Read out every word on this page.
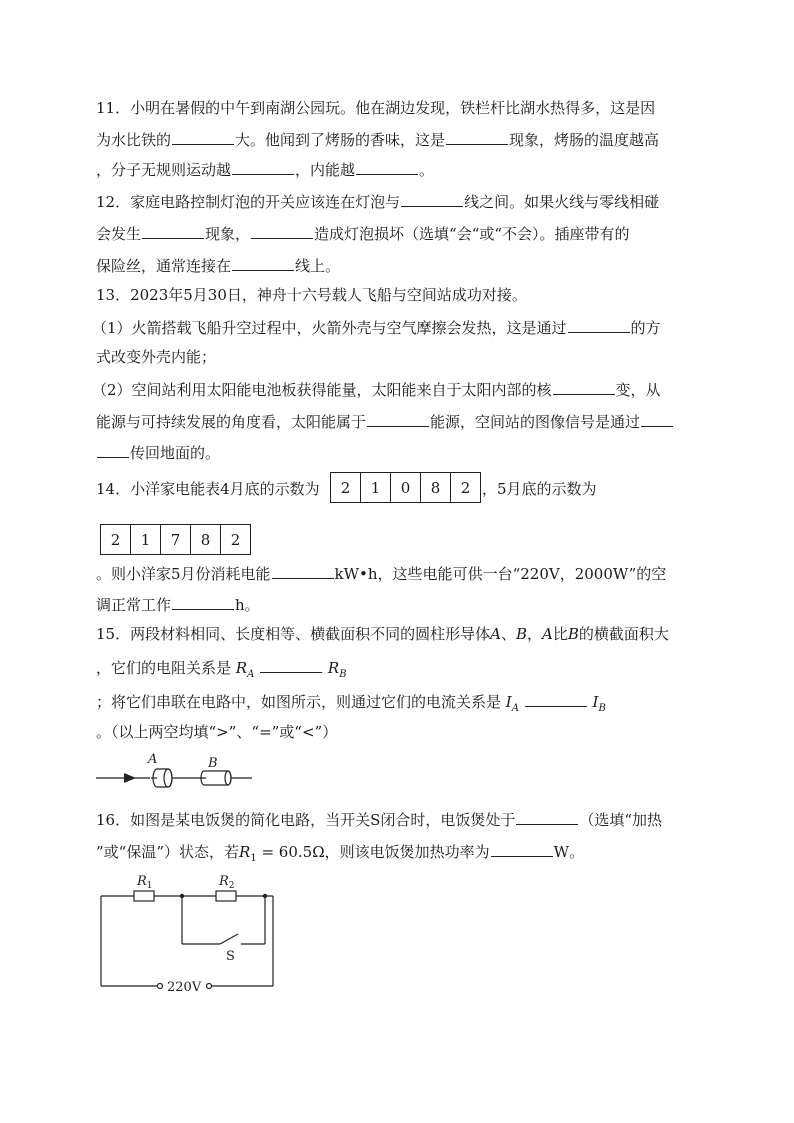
11．小明在暑假的中午到南湖公园玩。他在湖边发现，铁栏杆比湖水热得多，这是因
为水比铁的	大。他闻到了烤肠的香味，这是	现象，烤肠的温度越高
，分子无规则运动越	，内能越	。
12．家庭电路控制灯泡的开关应该连在灯泡与	线之间。如果火线与零线相碰
会发生	现象，	造成灯泡损坏（选填“会“或“不会）。插座带有的
保险丝，通常连接在	线上。
13．2023年5月30日，神舟十六号载人飞船与空间站成功对接。
（1）火箭搭载飞船升空过程中，火箭外壳与空气摩擦会发热，这是通过	的方
式改变外壳内能；
（2）空间站利用太阳能电池板获得能量，太阳能来自于太阳内部的核	变，从
能源与可持续发展的角度看，太阳能属于	能源，空间站的图像信号是通过
传回地面的。
14．小洋家电能表4月底的示数为	2	1	0	8	2 ，5月底的示数为
2	1	7	8	2
。则小洋家5月份消耗电能	kW•h，这些电能可供一台“220V，2000W”的空
调正常工作	h。
15．两段材料相同、长度相等、横截面积不同的圆柱形导体A、B，A比B的横截面积大
，它们的电阻关系是 $R_A$	$R_B$
；将它们串联在电路中，如图所示，则通过它们的电流关系是 $I_A$	$I_B$
。（以上两空均填“>”、“=”或“<”）
A	B
16．如图是某电饭煲的简化电路，当开关S闭合时，电饭煲处于	（选填“加热
”或“保温”）状态，若$R_1 = 60.5\Omega$，则该电饭煲加热功率为	W。
$R_1$	$R_2$
S
220V
